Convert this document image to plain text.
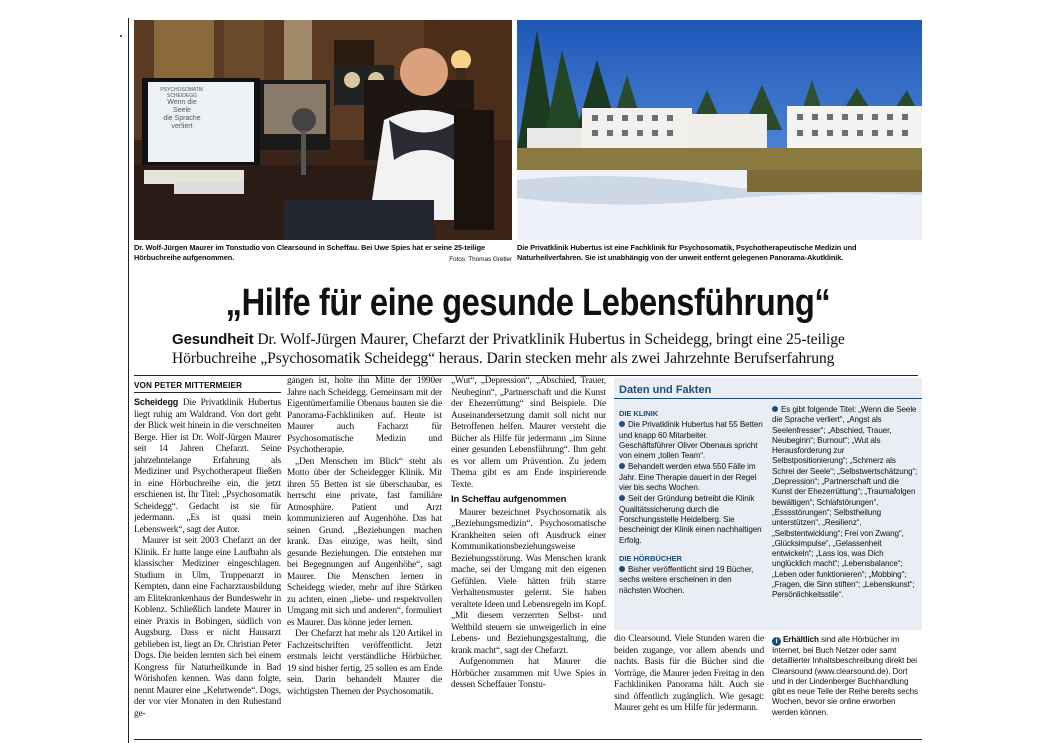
PSYCHOSOMATIK SCHEIDEGG
Wenn die
Seele
die Sprache
verliert
Dr. Wolf-Jürgen Maurer im Tonstudio von Clearsound in Scheffau. Bei Uwe Spies hat er seine 25-teilige Hörbuchreihe aufgenommen.	Fotos: Thomas Gretler
Die Privatklinik Hubertus ist eine Fachklinik für Psychosomatik, Psychotherapeutische Medizin und Naturheilverfahren. Sie ist unabhängig von der unweit entfernt gelegenen Panorama-Akutklinik.
„Hilfe für eine gesunde Lebensführung“
Gesundheit Dr. Wolf-Jürgen Maurer, Chefarzt der Privatklinik Hubertus in Scheidegg, bringt eine 25-teilige Hörbuchreihe „Psychosomatik Scheidegg“ heraus. Darin stecken mehr als zwei Jahrzehnte Berufserfahrung
VON PETER MITTERMEIER

Scheidegg Die Privatklinik Hubertus liegt ruhig am Waldrand. Von dort geht der Blick weit hinein in die verschneiten Berge. Hier ist Dr. Wolf-Jürgen Maurer seit 14 Jahren Chefarzt. Seine jahrzehntelange Erfahrung als Mediziner und Psychotherapeut fließen in eine Hörbuchreihe ein, die jetzt erschienen ist. Ihr Titel: „Psychosomatik Scheidegg“. Gedacht ist sie für jedermann. „Es ist quasi mein Lebenswerk“, sagt der Autor.

Maurer ist seit 2003 Chefarzt an der Klinik. Er hatte lange eine Laufbahn als klassischer Mediziner eingeschlagen. Studium in Ulm, Truppenarzt in Kempten, dann eine Facharztausbildung am Elitekrankenhaus der Bundeswehr in Koblenz. Schließlich landete Maurer in einer Praxis in Bobingen, südlich von Augsburg. Dass er nicht Hausarzt geblieben ist, liegt an Dr. Christian Peter Dogs. Die beiden lernten sich bei einem Kongress für Naturheilkunde in Bad Wörishofen kennen. Was dann folgte, nennt Maurer eine „Kehrtwende“. Dogs, der vor vier Monaten in den Ruhestand ge-

gangen ist, holte ihn Mitte der 1990er Jahre nach Scheidegg. Gemeinsam mit der Eigentümerfamilie Obenaus bauten sie die Panorama-Fachkliniken auf. Heute ist Maurer auch Facharzt für Psychosomatische Medizin und Psychotherapie.

„Den Menschen im Blick“ steht als Motto über der Scheidegger Klinik. Mit ihren 55 Betten ist sie überschaubar, es herrscht eine private, fast familiäre Atmosphäre. Patient und Arzt kommunizieren auf Augenhöhe. Das hat seinen Grund. „Beziehungen machen krank. Das einzige, was heilt, sind gesunde Beziehungen. Die entstehen nur bei Begegnungen auf Augenhöhe“, sagt Maurer. Die Menschen lernen in Scheidegg wieder, mehr auf ihre Stärken zu achten, einen „liebe- und respektvollen Umgang mit sich und anderen“, formuliert es Maurer. Das könne jeder lernen.

Der Chefarzt hat mehr als 120 Artikel in Fachzeitschriften veröffentlicht. Jetzt erstmals leicht verständliche Hörbücher. 19 sind bisher fertig, 25 sollen es am Ende sein. Darin behandelt Maurer die wichtigsten Themen der Psychosomatik.

„Wut“, „Depression“, „Abschied, Trauer, Neubeginn“, „Partnerschaft und die Kunst der Ehezerrüttung“ sind Beispiele. Die Auseinandersetzung damit soll nicht nur Betroffenen helfen. Maurer versteht die Bücher als Hilfe für jedermann „im Sinne einer gesunden Lebensführung“. Ihm geht es vor allem um Prävention. Zu jedem Thema gibt es am Ende inspirierende Texte.

In Scheffau aufgenommen

Maurer bezeichnet Psychosomatik als „Beziehungsmedizin“. Psychosomatische Krankheiten seien oft Ausdruck einer Kommunikationsbeziehungsweise Beziehungsstörung. Was Menschen krank mache, sei der Umgang mit den eigenen Gefühlen. Viele hätten früh starre Verhaltensmuster gelernt. Sie haben veraltete Ideen und Lebensregeln im Kopf. „Mit diesem verzerrten Selbst- und Weltbild steuern sie unweigerlich in eine Lebens- und Beziehungsgestaltung, die krank macht“, sagt der Chefarzt.

Aufgenommen hat Maurer die Hörbücher zusammen mit Uwe Spies in dessen Scheffauer Tonstu-

dio Clearsound. Viele Stunden waren die beiden zugange, vor allem abends und nachts. Basis für die Bücher sind die Vorträge, die Maurer jeden Freitag in den Fachkliniken Panorama hält. Auch sie sind öffentlich zugänglich. Wie gesagt: Maurer geht es um Hilfe für jedermann.

Daten und Fakten
DIE KLINIK
Die Privatklinik Hubertus hat 55 Betten und knapp 60 Mitarbeiter. Geschäftsführer Oliver Obenaus spricht von einem „tollen Team“.
Behandelt werden etwa 550 Fälle im Jahr. Eine Therapie dauert in der Regel vier bis sechs Wochen.
Seit der Gründung betreibt die Klinik Qualitätssicherung durch die Forschungsstelle Heidelberg. Sie bescheinigt der Klinik einen nachhaltigen Erfolg.
DIE HÖRBÜCHER
Bisher veröffentlicht sind 19 Bücher, sechs weitere erscheinen in den nächsten Wochen.
Es gibt folgende Titel: „Wenn die Seele die Sprache verliert“, „Angst als Seelenfresser“; „Abschied, Trauer, Neubeginn“; Burnout“; „Wut als Herausforderung zur Selbstpositionierung“; „Schmerz als Schrei der Seele“; „Selbstwertschätzung“; „Depression“; „Partnerschaft und die Kunst der Ehezerrüttung“; „Traumafolgen bewältigen“; Schlafstörungen“, „Esssstörungen“; Selbstheilung unterstützen“, „Resilienz“, „Selbstentwicklung“; Frei von Zwang“, „Glücksimpulse“, „Gelassenheit entwickeln“; „Lass los, was Dich unglücklich macht“; „Lebensbalance“; „Leben oder funktionieren“; „Mobbing“; „Fragen, die Sinn stiften“; „Lebenskunst“; Persönlichkeitsstile“.
i Erhältlich sind alle Hörbücher im Internet, bei Buch Netzer oder samt detaillierter Inhaltsbeschreibung direkt bei Clearsound (www.clearsound.de). Dort und in der Lindenberger Buchhandlung gibt es neue Teile der Reihe bereits sechs Wochen, bevor sie online erworben werden können.
